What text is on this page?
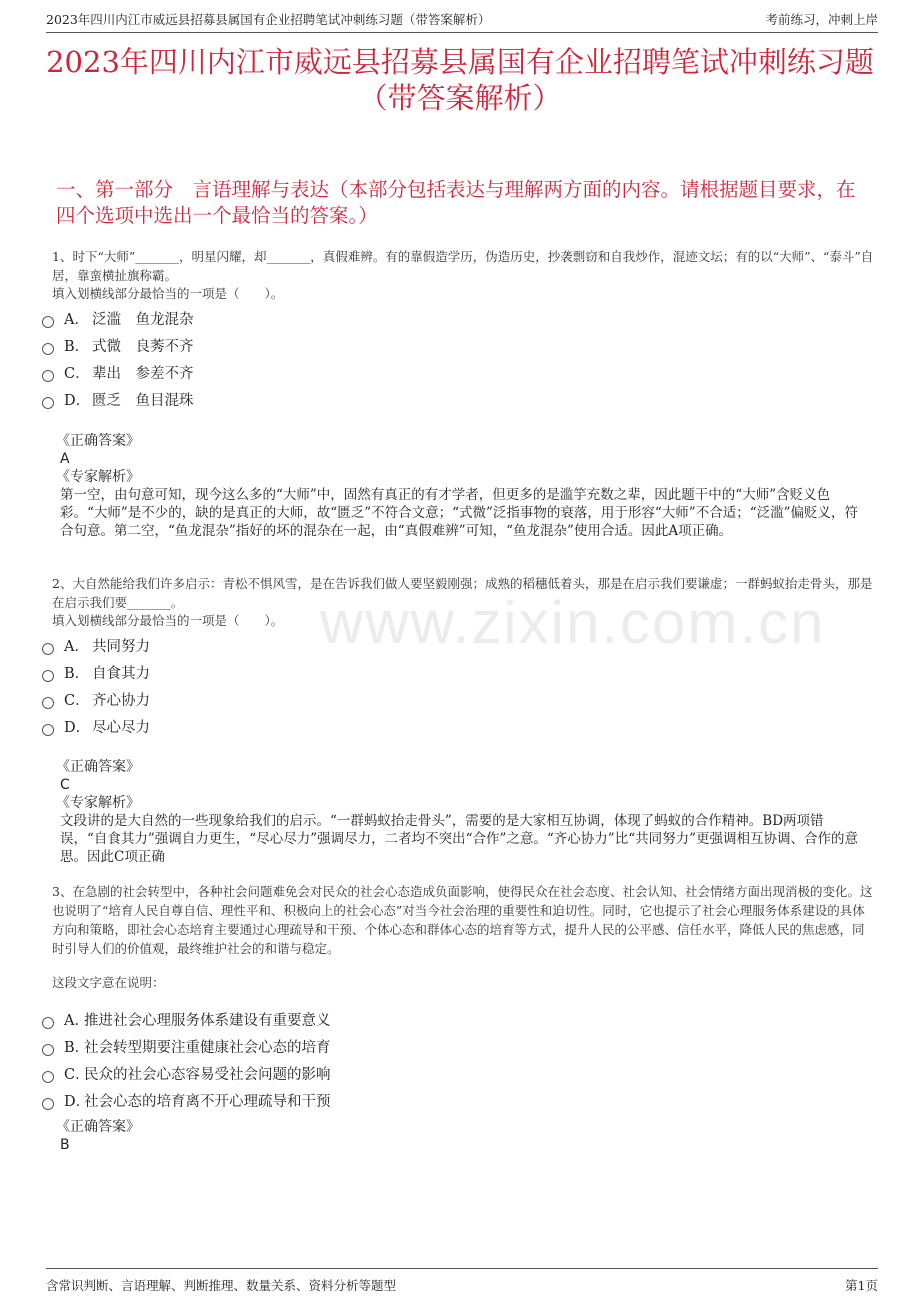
2023年四川内江市威远县招募县属国有企业招聘笔试冲刺练习题（带答案解析）	考前练习，冲刺上岸
2023年四川内江市威远县招募县属国有企业招聘笔试冲刺练习题（带答案解析）
一、第一部分　言语理解与表达（本部分包括表达与理解两方面的内容。请根据题目要求，在四个选项中选出一个最恰当的答案。）
www.zixin.com.cn

1、时下“大师”_______，明星闪耀，却_______，真假难辨。有的靠假造学历，伪造历史，抄袭剽窃和自我炒作，混迹文坛；有的以“大师”、“泰斗”自居，靠蛮横扯旗称霸。

填入划横线部分最恰当的一项是（　　）。

A． 泛滥　鱼龙混杂
B． 式微　良莠不齐
C． 辈出　参差不齐
D． 匮乏　鱼目混珠

《正确答案》

A

《专家解析》

第一空，由句意可知，现今这么多的“大师”中，固然有真正的有才学者，但更多的是滥竽充数之辈，因此题干中的“大师”含贬义色彩。“大师”是不少的，缺的是真正的大师，故“匮乏”不符合文意；“式微”泛指事物的衰落，用于形容“大师”不合适；“泛滥”偏贬义，符合句意。第二空，“鱼龙混杂”指好的坏的混杂在一起，由“真假难辨”可知，“鱼龙混杂”使用合适。因此A项正确。

2、大自然能给我们许多启示：青松不惧风雪，是在告诉我们做人要坚毅刚强；成熟的稻穗低着头，那是在启示我们要谦虚；一群蚂蚁抬走骨头，那是在启示我们要_______。

填入划横线部分最恰当的一项是（　　）。

A． 共同努力
B． 自食其力
C． 齐心协力
D． 尽心尽力

《正确答案》

C

《专家解析》

文段讲的是大自然的一些现象给我们的启示。“一群蚂蚁抬走骨头”，需要的是大家相互协调，体现了蚂蚁的合作精神。BD两项错误，“自食其力”强调自力更生，“尽心尽力”强调尽力，二者均不突出“合作”之意。“齐心协力”比“共同努力”更强调相互协调、合作的意思。因此C项正确

3、在急剧的社会转型中，各种社会问题难免会对民众的社会心态造成负面影响，使得民众在社会态度、社会认知、社会情绪方面出现消极的变化。这也说明了“培育人民自尊自信、理性平和、积极向上的社会心态”对当今社会治理的重要性和迫切性。同时，它也提示了社会心理服务体系建设的具体方向和策略，即社会心态培育主要通过心理疏导和干预、个体心态和群体心态的培育等方式，提升人民的公平感、信任水平，降低人民的焦虑感，同时引导人们的价值观，最终维护社会的和谐与稳定。

这段文字意在说明：

A．
推进社会心理服务体系建设有重要意义
B．
社会转型期要注重健康社会心态的培育
C．
民众的社会心态容易受社会问题的影响
D．
社会心态的培育离不开心理疏导和干预

《正确答案》

B

含常识判断、言语理解、判断推理、数量关系、资料分析等题型	第1页
